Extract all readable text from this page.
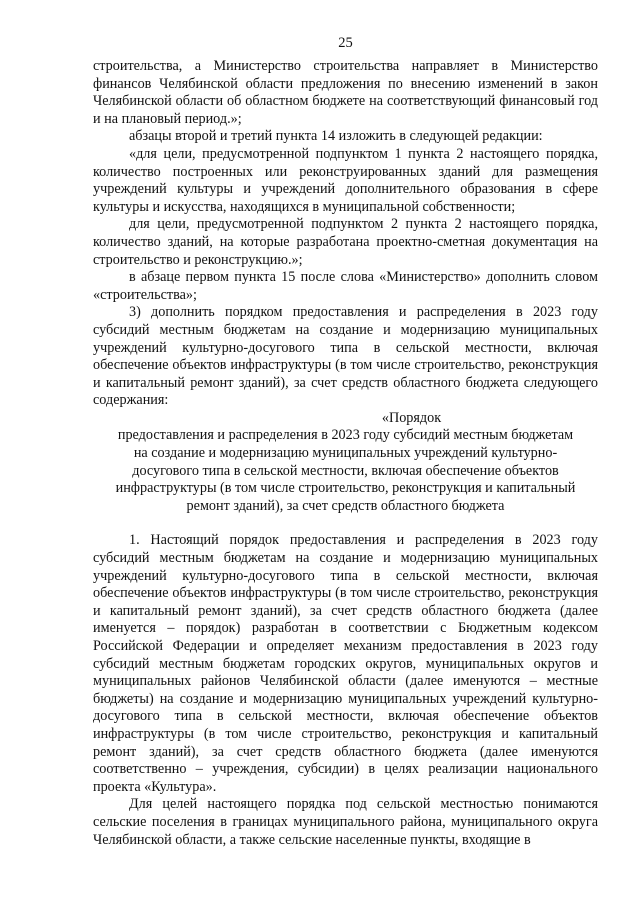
25

строительства, а Министерство строительства направляет в Министерство финансов Челябинской области предложения по внесению изменений в закон Челябинской области об областном бюджете на соответствующий финансовый год и на плановый период.»;

абзацы второй и третий пункта 14 изложить в следующей редакции:

«для цели, предусмотренной подпунктом 1 пункта 2 настоящего порядка, количество построенных или реконструированных зданий для размещения учреждений культуры и учреждений дополнительного образования в сфере культуры и искусства, находящихся в муниципальной собственности;

для цели, предусмотренной подпунктом 2 пункта 2 настоящего порядка, количество зданий, на которые разработана проектно-сметная документация на строительство и реконструкцию.»;

в абзаце первом пункта 15 после слова «Министерство» дополнить словом «строительства»;

3) дополнить порядком предоставления и распределения в 2023 году субсидий местным бюджетам на создание и модернизацию муниципальных учреждений культурно-досугового типа в сельской местности, включая обеспечение объектов инфраструктуры (в том числе строительство, реконструкция и капитальный ремонт зданий), за счет средств областного бюджета следующего содержания:

«Порядок
предоставления и распределения в 2023 году субсидий местным бюджетам
на создание и модернизацию муниципальных учреждений культурно-
досугового типа в сельской местности, включая обеспечение объектов
инфраструктуры (в том числе строительство, реконструкция и капитальный
ремонт зданий), за счет средств областного бюджета

1. Настоящий порядок предоставления и распределения в 2023 году субсидий местным бюджетам на создание и модернизацию муниципальных учреждений культурно-досугового типа в сельской местности, включая обеспечение объектов инфраструктуры (в том числе строительство, реконструкция и капитальный ремонт зданий), за счет средств областного бюджета (далее именуется – порядок) разработан в соответствии с Бюджетным кодексом Российской Федерации и определяет механизм предоставления в 2023 году субсидий местным бюджетам городских округов, муниципальных округов и муниципальных районов Челябинской области (далее именуются – местные бюджеты) на создание и модернизацию муниципальных учреждений культурно-досугового типа в сельской местности, включая обеспечение объектов инфраструктуры (в том числе строительство, реконструкция и капитальный ремонт зданий), за счет средств областного бюджета (далее именуются соответственно – учреждения, субсидии) в целях реализации национального проекта «Культура».

Для целей настоящего порядка под сельской местностью понимаются сельские поселения в границах муниципального района, муниципального округа Челябинской области, а также сельские населенные пункты, входящие в
